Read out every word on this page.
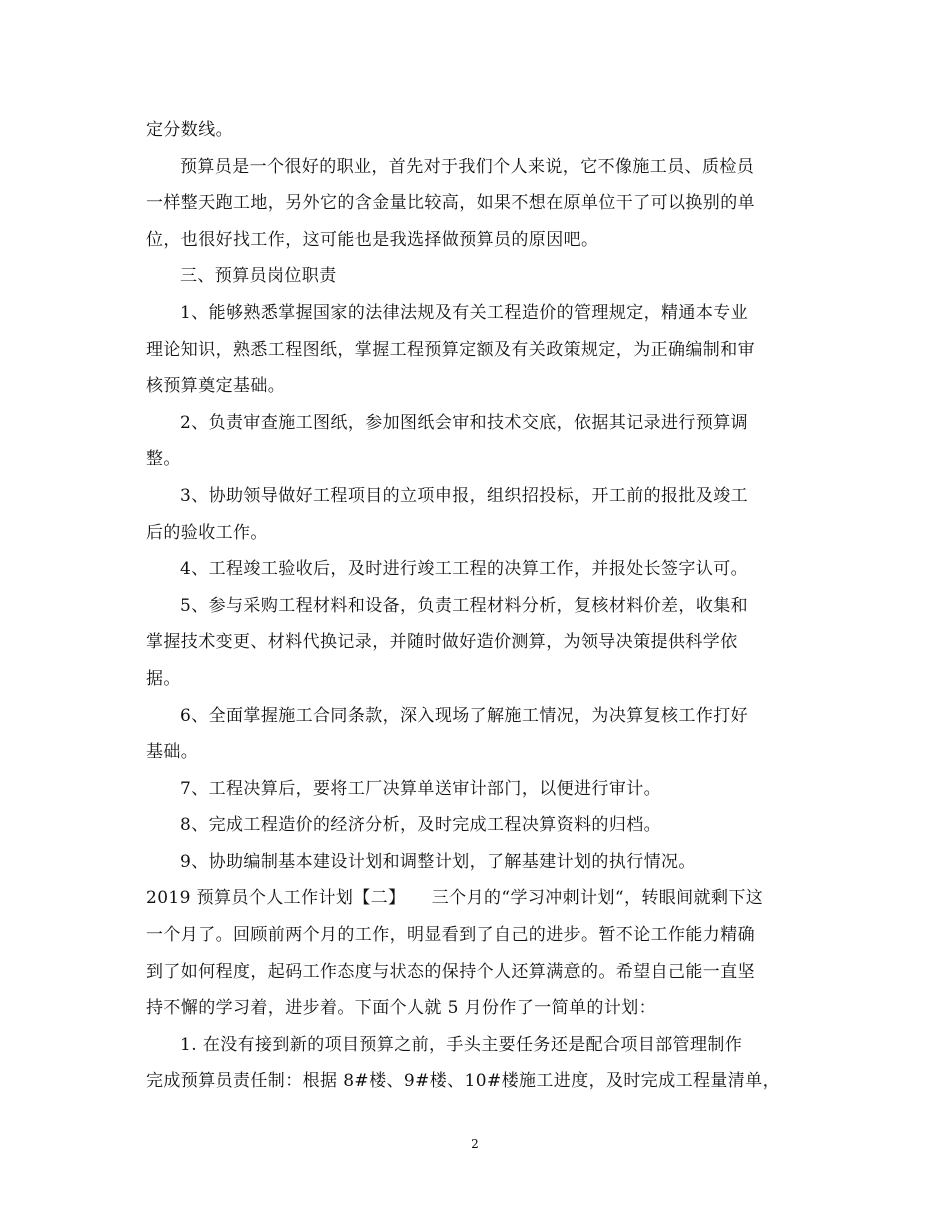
定分数线。
预算员是一个很好的职业，首先对于我们个人来说，它不像施工员、质检员
一样整天跑工地，另外它的含金量比较高，如果不想在原单位干了可以换别的单
位，也很好找工作，这可能也是我选择做预算员的原因吧。
三、预算员岗位职责
1、能够熟悉掌握国家的法律法规及有关工程造价的管理规定，精通本专业
理论知识，熟悉工程图纸，掌握工程预算定额及有关政策规定，为正确编制和审
核预算奠定基础。
2、负责审查施工图纸，参加图纸会审和技术交底，依据其记录进行预算调
整。
3、协助领导做好工程项目的立项申报，组织招投标，开工前的报批及竣工
后的验收工作。
4、工程竣工验收后，及时进行竣工工程的决算工作，并报处长签字认可。
5、参与采购工程材料和设备，负责工程材料分析，复核材料价差，收集和
掌握技术变更、材料代换记录，并随时做好造价测算，为领导决策提供科学依
据。
6、全面掌握施工合同条款，深入现场了解施工情况，为决算复核工作打好
基础。
7、工程决算后，要将工厂决算单送审计部门，以便进行审计。
8、完成工程造价的经济分析，及时完成工程决算资料的归档。
9、协助编制基本建设计划和调整计划，了解基建计划的执行情况。
2019 预算员个人工作计划【二】　　三个月的“学习冲刺计划“，转眼间就剩下这
一个月了。回顾前两个月的工作，明显看到了自己的进步。暂不论工作能力精确
到了如何程度，起码工作态度与状态的保持个人还算满意的。希望自己能一直坚
持不懈的学习着，进步着。下面个人就 5 月份作了一简单的计划：
1. 在没有接到新的项目预算之前，手头主要任务还是配合项目部管理制作
完成预算员责任制：根据 8#楼、9#楼、10#楼施工进度，及时完成工程量清单，
2
